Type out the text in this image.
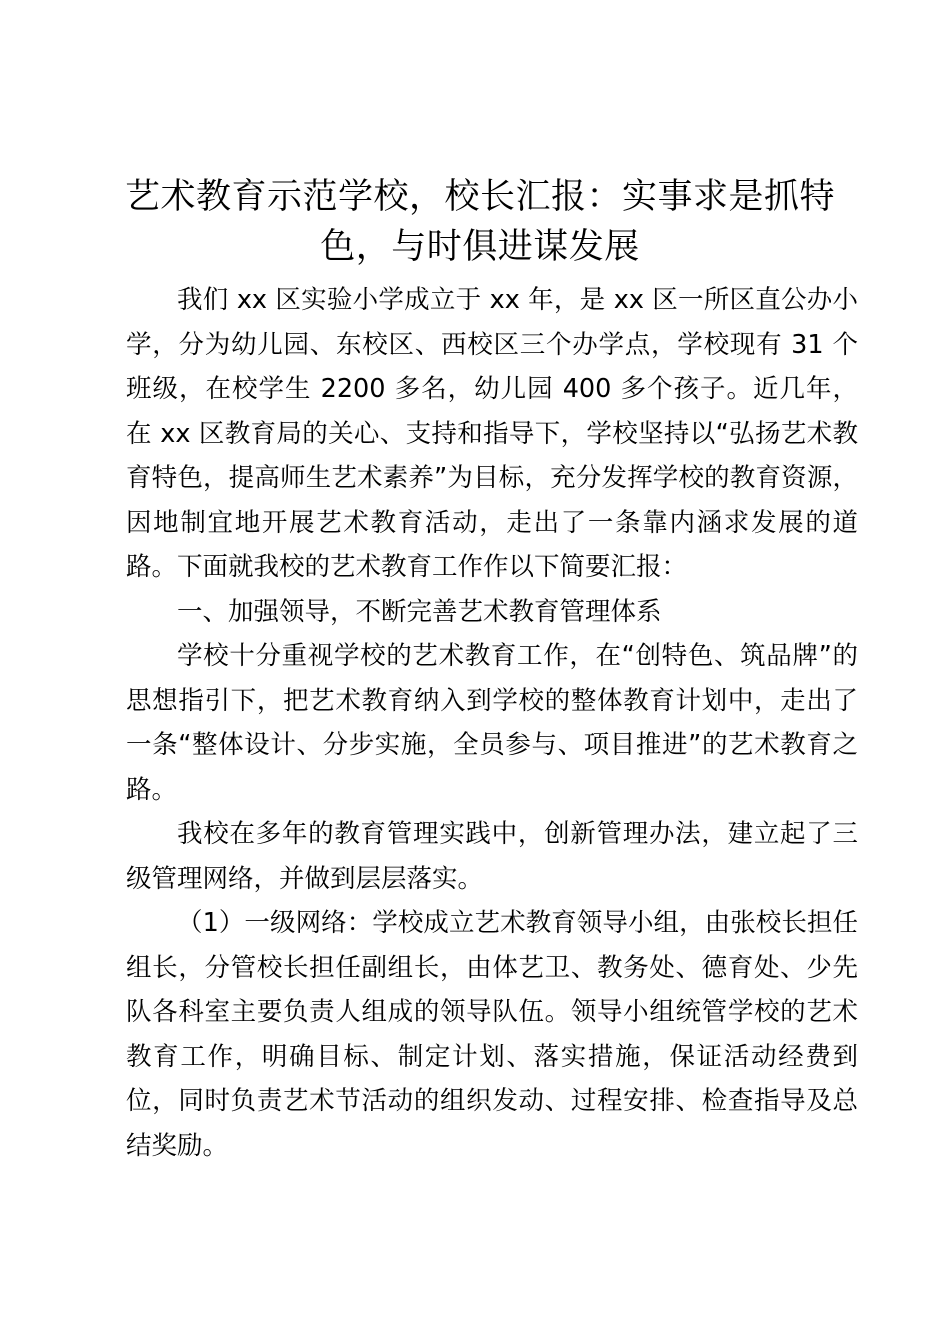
艺术教育示范学校，校长汇报：实事求是抓特色，与时俱进谋发展

我们 xx 区实验小学成立于 xx 年，是 xx 区一所区直公办小学，分为幼儿园、东校区、西校区三个办学点，学校现有 31 个班级，在校学生 2200 多名，幼儿园 400 多个孩子。近几年，在 xx 区教育局的关心、支持和指导下，学校坚持以“弘扬艺术教育特色，提高师生艺术素养”为目标，充分发挥学校的教育资源，因地制宜地开展艺术教育活动，走出了一条靠内涵求发展的道路。下面就我校的艺术教育工作作以下简要汇报：

一、加强领导，不断完善艺术教育管理体系

学校十分重视学校的艺术教育工作，在“创特色、筑品牌”的思想指引下，把艺术教育纳入到学校的整体教育计划中，走出了一条“整体设计、分步实施，全员参与、项目推进”的艺术教育之路。

我校在多年的教育管理实践中，创新管理办法，建立起了三级管理网络，并做到层层落实。

（1）一级网络：学校成立艺术教育领导小组，由张校长担任组长，分管校长担任副组长，由体艺卫、教务处、德育处、少先队各科室主要负责人组成的领导队伍。领导小组统管学校的艺术教育工作，明确目标、制定计划、落实措施，保证活动经费到位，同时负责艺术节活动的组织发动、过程安排、检查指导及总结奖励。
